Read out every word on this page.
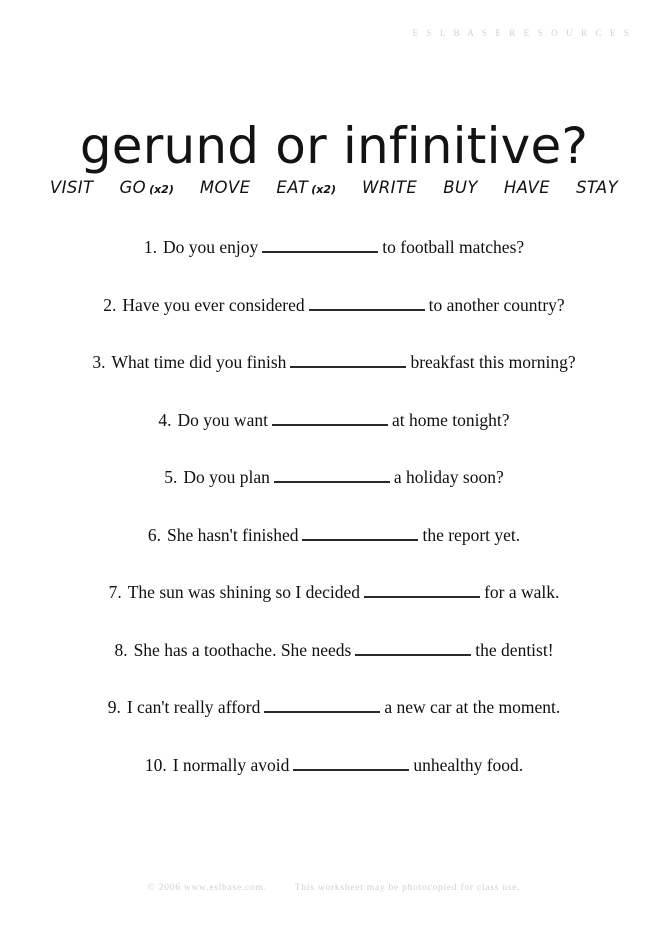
E S L B A S E R E S O U R C E S
gerund or infinitive?
VISIT GO (x2) MOVE EAT (x2) WRITE BUY HAVE STAY
1. Do you enjoy	to football matches?
2. Have you ever considered	to another country?
3. What time did you finish	breakfast this morning?
4. Do you want	at home tonight?
5. Do you plan	a holiday soon?
6. She hasn't finished	the report yet.
7. The sun was shining so I decided	for a walk.
8. She has a toothache. She needs	the dentist!
9. I can't really afford	a new car at the moment.
10. I normally avoid	unhealthy food.
© 2006 www.eslbase.com.	This worksheet may be photocopied for class use.
